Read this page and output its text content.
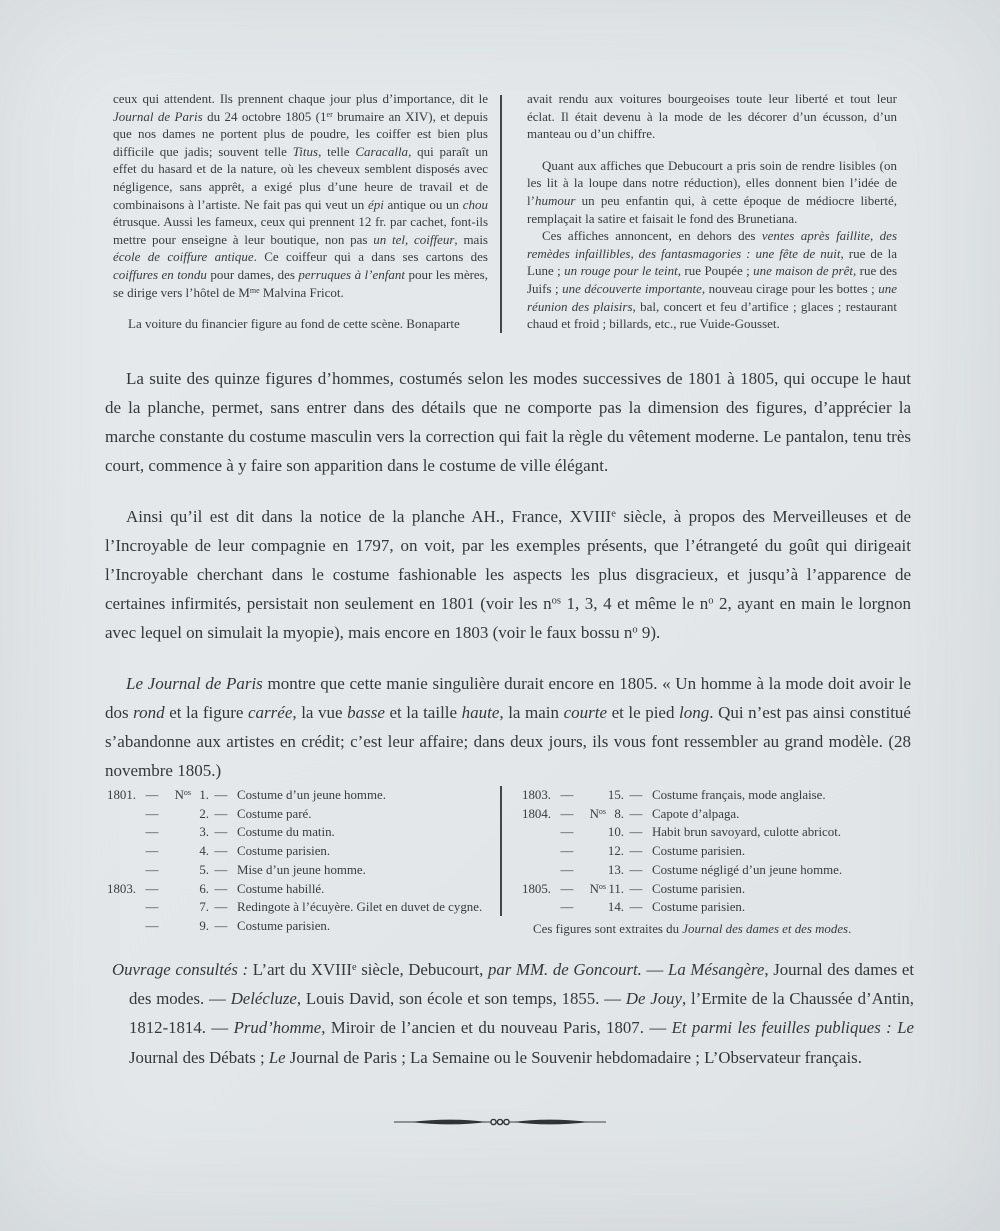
ceux qui attendent. Ils prennent chaque jour plus d’importance, dit le Journal de Paris du 24 octobre 1805 (1er brumaire an XIV), et depuis que nos dames ne portent plus de poudre, les coiffer est bien plus difficile que jadis; souvent telle Titus, telle Caracalla, qui paraît un effet du hasard et de la nature, où les cheveux semblent disposés avec négligence, sans apprêt, a exigé plus d’une heure de travail et de combinaisons à l’artiste. Ne fait pas qui veut un épi antique ou un chou étrusque. Aussi les fameux, ceux qui prennent 12 fr. par cachet, font-ils mettre pour enseigne à leur boutique, non pas un tel, coiffeur, mais école de coiffure antique. Ce coiffeur qui a dans ses cartons des coiffures en tondu pour dames, des perruques à l’enfant pour les mères, se dirige vers l’hôtel de $M^{me}$ Malvina Fricot.

La voiture du financier figure au fond de cette scène. Bonaparte

avait rendu aux voitures bourgeoises toute leur liberté et tout leur éclat. Il était devenu à la mode de les décorer d’un écusson, d’un manteau ou d’un chiffre.

Quant aux affiches que Debucourt a pris soin de rendre lisibles (on les lit à la loupe dans notre réduction), elles donnent bien l’idée de l’humour un peu enfantin qui, à cette époque de médiocre liberté, remplaçait la satire et faisait le fond des Brunetiana.

Ces affiches annoncent, en dehors des ventes après faillite, des remèdes infaillibles, des fantasmagories : une fête de nuit, rue de la Lune ; un rouge pour le teint, rue Poupée ; une maison de prêt, rue des Juifs ; une découverte importante, nouveau cirage pour les bottes ; une réunion des plaisirs, bal, concert et feu d’artifice ; glaces ; restaurant chaud et froid ; billards, etc., rue Vuide-Gousset.

La suite des quinze figures d’hommes, costumés selon les modes successives de 1801 à 1805, qui occupe le haut de la planche, permet, sans entrer dans des détails que ne comporte pas la dimension des figures, d’apprécier la marche constante du costume masculin vers la correction qui fait la règle du vêtement moderne. Le pantalon, tenu très court, commence à y faire son apparition dans le costume de ville élégant.

Ainsi qu’il est dit dans la notice de la planche AH., France, XVIIIe siècle, à propos des Merveilleuses et de l’Incroyable de leur compagnie en 1797, on voit, par les exemples présents, que l’étrangeté du goût qui dirigeait l’Incroyable cherchant dans le costume fashionable les aspects les plus disgracieux, et jusqu’à l’apparence de certaines infirmités, persistait non seulement en 1801 (voir les $n^{os}$ 1, 3, 4 et même le $n^o$ 2, ayant en main le lorgnon avec lequel on simulait la myopie), mais encore en 1803 (voir le faux bossu $n^o$ 9).

Le Journal de Paris montre que cette manie singulière durait encore en 1805. « Un homme à la mode doit avoir le dos rond et la figure carrée, la vue basse et la taille haute, la main courte et le pied long. Qui n’est pas ainsi constitué s’abandonne aux artistes en crédit; c’est leur affaire; dans deux jours, ils vous font ressembler au grand modèle. (28 novembre 1805.)

1801. —	$N^{os}$ 1. — Costume d’un jeune homme.
—	2. — Costume paré.
—	3. — Costume du matin.
—	4. — Costume parisien.
—	5. — Mise d’un jeune homme.
1803. —	6. — Costume habillé.
—	7. — Redingote à l’écuyère. Gilet en duvet de cygne.
—	9. — Costume parisien.
1803. —	15. — Costume français, mode anglaise.
1804. —	$N^{os}$ 8. — Capote d’alpaga.
—	10. — Habit brun savoyard, culotte abricot.
—	12. — Costume parisien.
—	13. — Costume négligé d’un jeune homme.
1805. —	$N^{os}$ 11. — Costume parisien.
—	14. — Costume parisien.

Ces figures sont extraites du Journal des dames et des modes.

Ouvrage consultés : L’art du XVIIIe siècle, Debucourt, par MM. de Goncourt. — La Mésangère, Journal des dames et des modes. — Delécluze, Louis David, son école et son temps, 1855. — De Jouy, l’Ermite de la Chaussée d’Antin, 1812-1814. — Prud’homme, Miroir de l’ancien et du nouveau Paris, 1807. — Et parmi les feuilles publiques : Le Journal des Débats ; Le Journal de Paris ; La Semaine ou le Souvenir hebdomadaire ; L’Observateur français.
